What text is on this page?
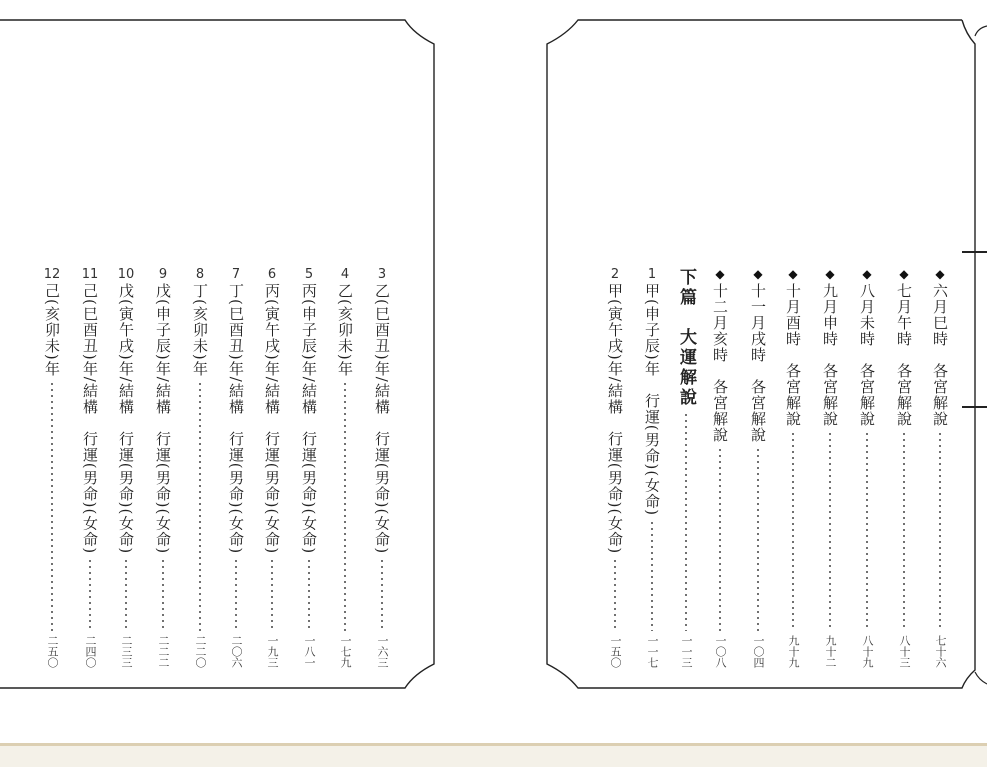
3
乙(巳酉丑)年/結構　行運(男命)(女命)
一六三
4
乙(亥卯未)年
一七九
5
丙(申子辰)年/結構　行運(男命)(女命)
一八一
6
丙(寅午戌)年/結構　行運(男命)(女命)
一九三
7
丁(巳酉丑)年/結構　行運(男命)(女命)
二〇六
8
丁(亥卯未)年
二二〇
9
戊(申子辰)年/結構　行運(男命)(女命)
二二二
10
戊(寅午戌)年/結構　行運(男命)(女命)
二三三
11
己(巳酉丑)年/結構　行運(男命)(女命)
二四〇
12
己(亥卯未)年
二五〇
◆
六月巳時　各宮解說
七十六
◆
七月午時　各宮解說
八十三
◆
八月未時　各宮解說
八十九
◆
九月申時　各宮解說
九十二
◆
十月酉時　各宮解說
九十九
◆
十一月戌時　各宮解說
一〇四
◆
十二月亥時　各宮解說
一〇八
下篇　大運解說
一一三
1
甲(申子辰)年　行運(男命)(女命)
一一七
2
甲(寅午戌)年/結構　行運(男命)(女命)
一五〇
